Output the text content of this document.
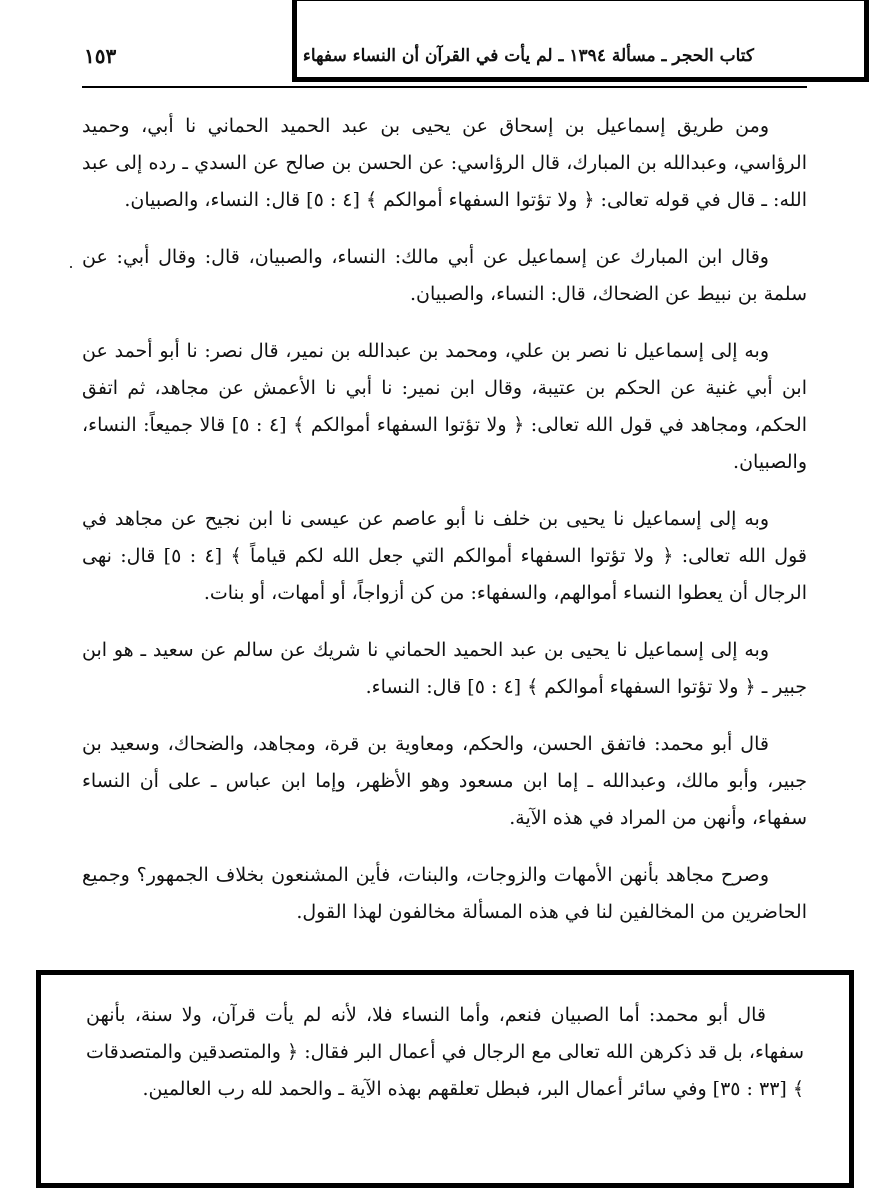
كتاب الحجر ـ مسألة ١٣٩٤ ـ لم يأت في القرآن أن النساء سفهاء
١٥٣

ومن طريق إسماعيل بن إسحاق عن يحيى بن عبد الحميد الحماني نا أبي، وحميد الرؤاسي، وعبدالله بن المبارك، قال الرؤاسي: عن الحسن بن صالح عن السدي ـ رده إلى عبد الله: ـ قال في قوله تعالى: ﴿ ولا تؤتوا السفهاء أموالكم ﴾ [٤ : ٥] قال: النساء، والصبيان.

وقال ابن المبارك عن إسماعيل عن أبي مالك: النساء، والصبيان، قال: وقال أبي: عن سلمة بن نبيط عن الضحاك، قال: النساء، والصبيان.

وبه إلى إسماعيل نا نصر بن علي، ومحمد بن عبدالله بن نمير، قال نصر: نا أبو أحمد عن ابن أبي غنية عن الحكم بن عتيبة، وقال ابن نمير: نا أبي نا الأعمش عن مجاهد، ثم اتفق الحكم، ومجاهد في قول الله تعالى: ﴿ ولا تؤتوا السفهاء أموالكم ﴾ [٤ : ٥] قالا جميعاً: النساء، والصبيان.

وبه إلى إسماعيل نا يحيى بن خلف نا أبو عاصم عن عيسى نا ابن نجيح عن مجاهد في قول الله تعالى: ﴿ ولا تؤتوا السفهاء أموالكم التي جعل الله لكم قياماً ﴾ [٤ : ٥] قال: نهى الرجال أن يعطوا النساء أموالهم، والسفهاء: من كن أزواجاً، أو أمهات، أو بنات.

وبه إلى إسماعيل نا يحيى بن عبد الحميد الحماني نا شريك عن سالم عن سعيد ـ هو ابن جبير ـ ﴿ ولا تؤتوا السفهاء أموالكم ﴾ [٤ : ٥] قال: النساء.

قال أبو محمد: فاتفق الحسن، والحكم، ومعاوية بن قرة، ومجاهد، والضحاك، وسعيد بن جبير، وأبو مالك، وعبدالله ـ إما ابن مسعود وهو الأظهر، وإما ابن عباس ـ على أن النساء سفهاء، وأنهن من المراد في هذه الآية.

وصرح مجاهد بأنهن الأمهات والزوجات، والبنات، فأين المشنعون بخلاف الجمهور؟ وجميع الحاضرين من المخالفين لنا في هذه المسألة مخالفون لهذا القول.

قال أبو محمد: أما الصبيان فنعم، وأما النساء فلا، لأنه لم يأت قرآن، ولا سنة، بأنهن سفهاء، بل قد ذكرهن الله تعالى مع الرجال في أعمال البر فقال: ﴿ والمتصدقين والمتصدقات ﴾ [٣٣ : ٣٥] وفي سائر أعمال البر، فبطل تعلقهم بهذه الآية ـ والحمد لله رب العالمين.
